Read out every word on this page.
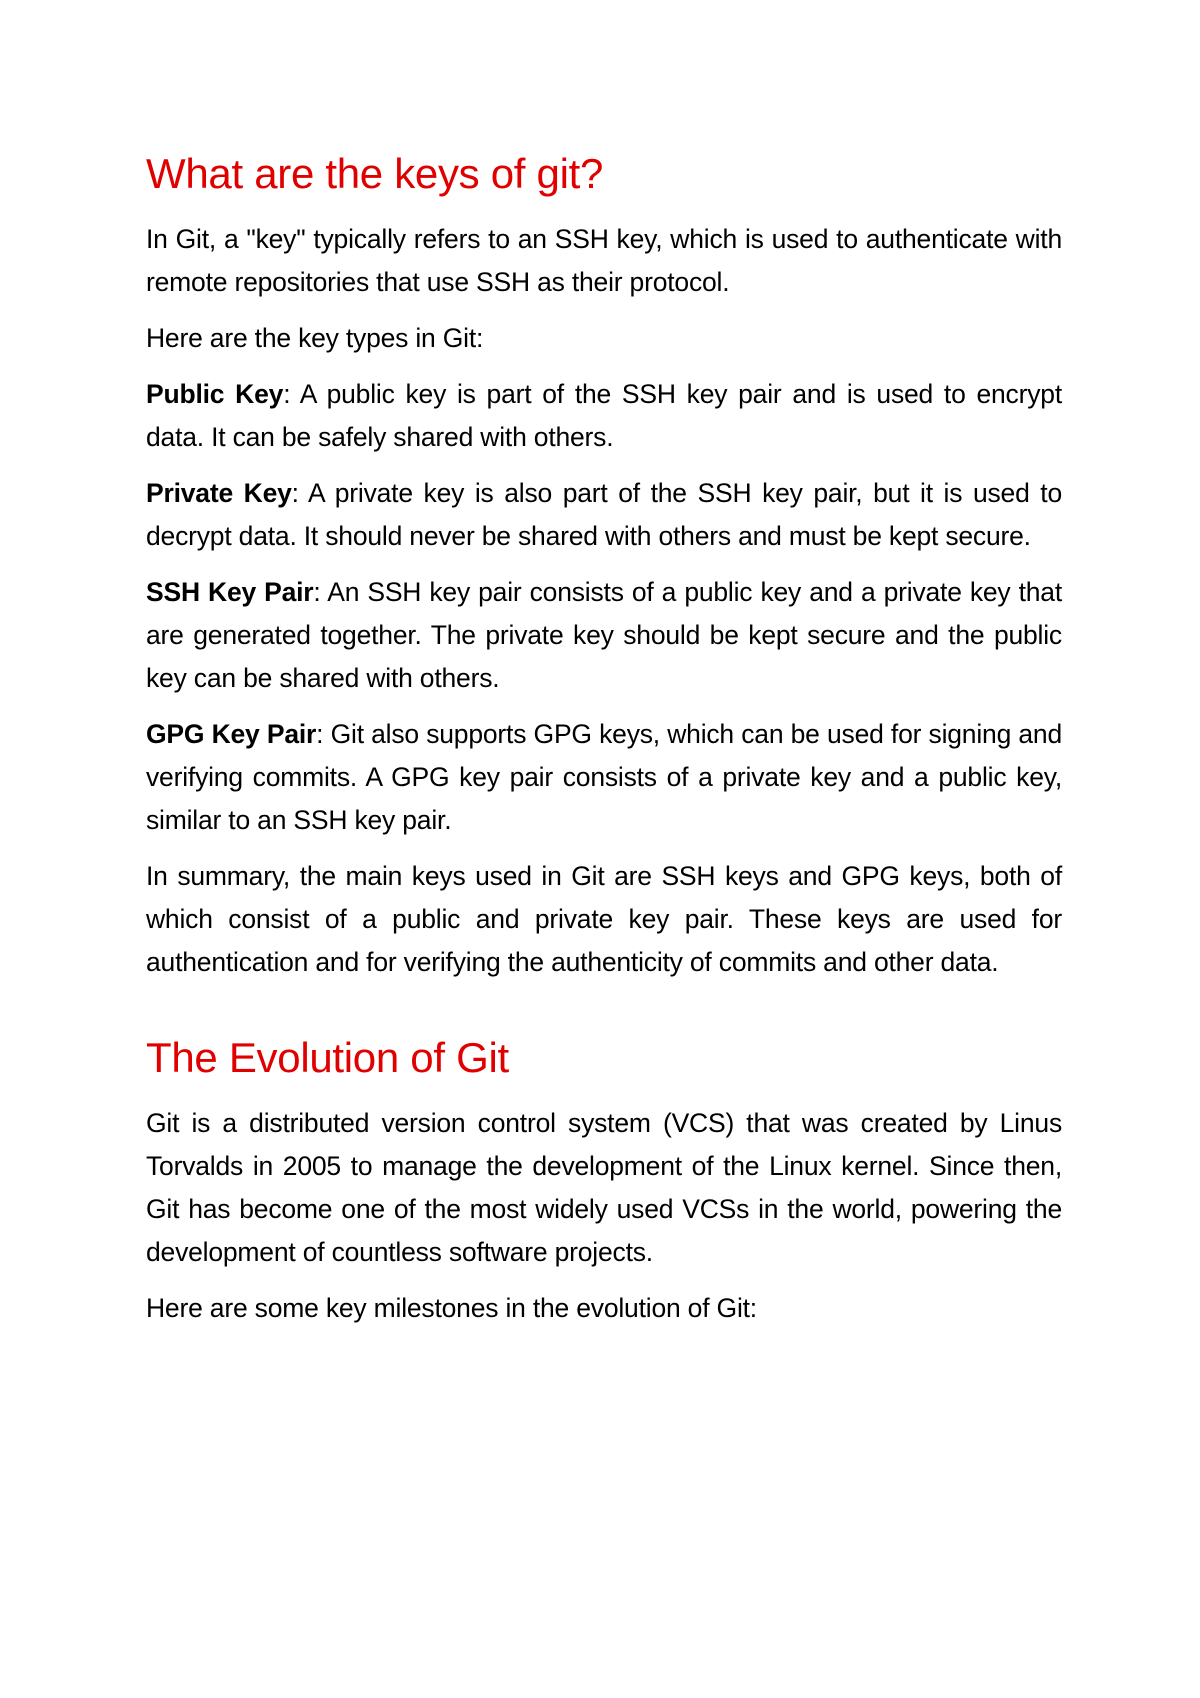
What are the keys of git?

In Git, a "key" typically refers to an SSH key, which is used to authenticate with remote repositories that use SSH as their protocol.

Here are the key types in Git:

Public Key: A public key is part of the SSH key pair and is used to encrypt data. It can be safely shared with others.

Private Key: A private key is also part of the SSH key pair, but it is used to decrypt data. It should never be shared with others and must be kept secure.

SSH Key Pair: An SSH key pair consists of a public key and a private key that are generated together. The private key should be kept secure and the public key can be shared with others.

GPG Key Pair: Git also supports GPG keys, which can be used for signing and verifying commits. A GPG key pair consists of a private key and a public key, similar to an SSH key pair.

In summary, the main keys used in Git are SSH keys and GPG keys, both of which consist of a public and private key pair. These keys are used for authentication and for verifying the authenticity of commits and other data.

The Evolution of Git

Git is a distributed version control system (VCS) that was created by Linus Torvalds in 2005 to manage the development of the Linux kernel. Since then, Git has become one of the most widely used VCSs in the world, powering the development of countless software projects.

Here are some key milestones in the evolution of Git:
